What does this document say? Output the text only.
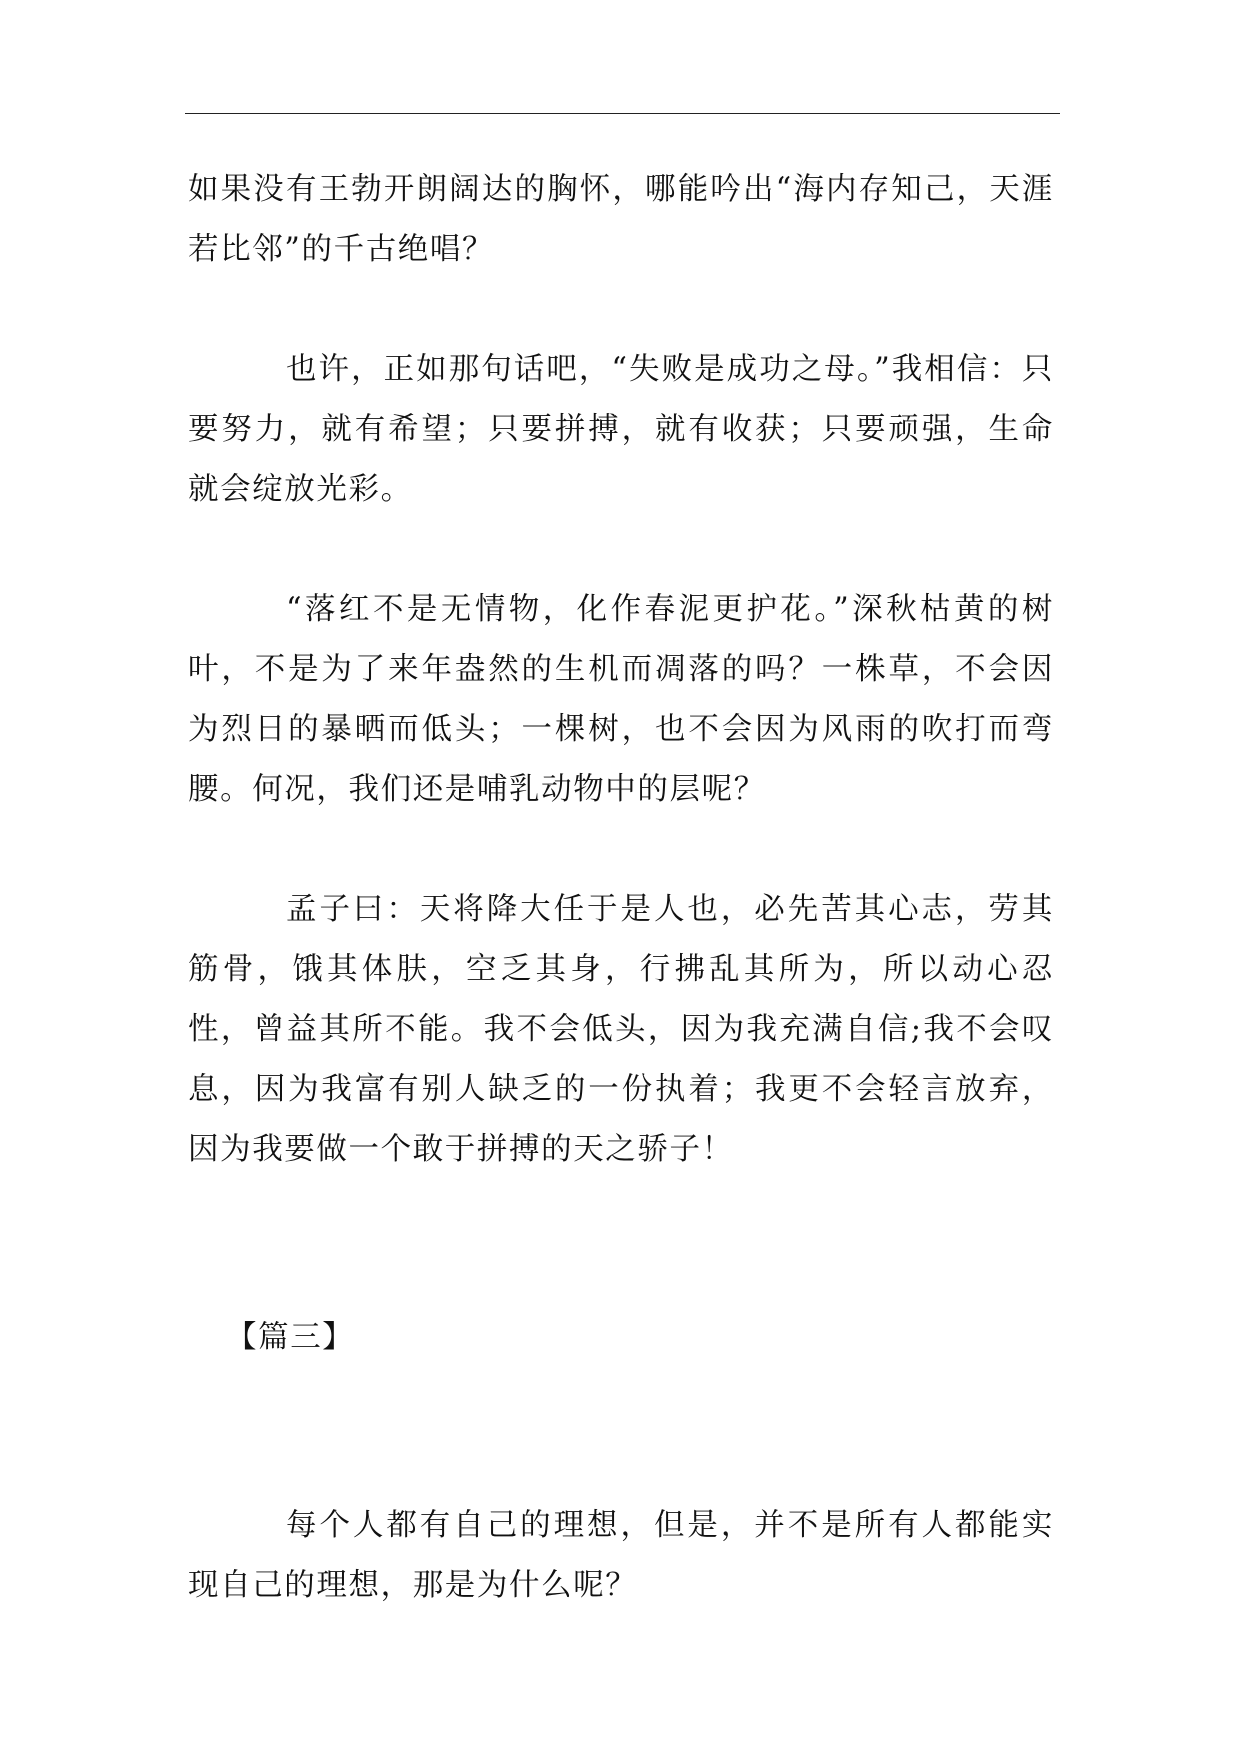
如果没有王勃开朗阔达的胸怀，哪能吟出“海内存知己，天涯若比邻”的千古绝唱？

也许，正如那句话吧，“失败是成功之母。”我相信：只要努力，就有希望；只要拼搏，就有收获；只要顽强，生命就会绽放光彩。

“落红不是无情物，化作春泥更护花。”深秋枯黄的树叶，不是为了来年盎然的生机而凋落的吗？一株草，不会因为烈日的暴晒而低头；一棵树，也不会因为风雨的吹打而弯腰。何况，我们还是哺乳动物中的层呢？

孟子曰：天将降大任于是人也，必先苦其心志，劳其筋骨，饿其体肤，空乏其身，行拂乱其所为，所以动心忍性，曾益其所不能。我不会低头，因为我充满自信;我不会叹息，因为我富有别人缺乏的一份执着；我更不会轻言放弃，因为我要做一个敢于拼搏的天之骄子！

【篇三】

每个人都有自己的理想，但是，并不是所有人都能实现自己的理想，那是为什么呢？
